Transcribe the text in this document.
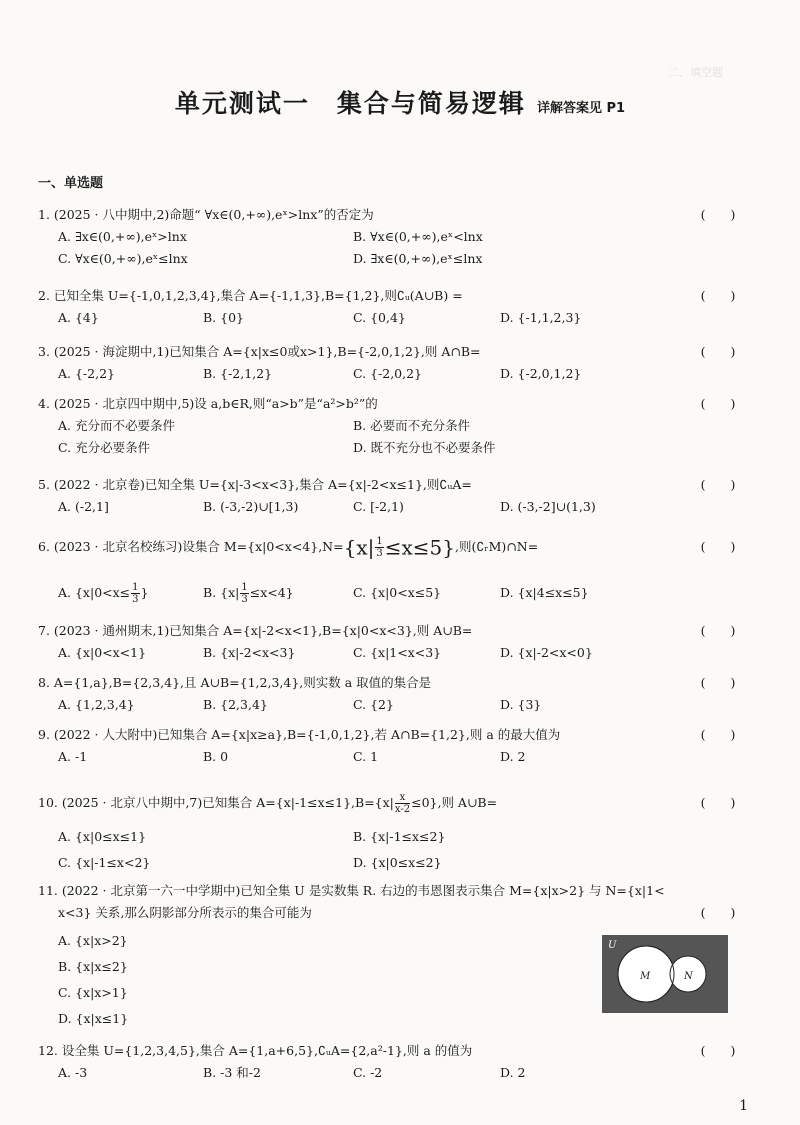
单元测试一　集合与简易逻辑 详解答案见 P1
二、填空题
一、单选题
1. (2025 · 八中期中,2)命题“ ∀x∈(0,+∞),eˣ>lnx”的否定为	(　　)
A. ∃x∈(0,+∞),eˣ>lnx	B. ∀x∈(0,+∞),eˣ<lnx
C. ∀x∈(0,+∞),eˣ≤lnx	D. ∃x∈(0,+∞),eˣ≤lnx
2. 已知全集 U={-1,0,1,2,3,4},集合 A={-1,1,3},B={1,2},则∁ᵤ(A∪B) =	(　　)
A. {4}	B. {0}	C. {0,4}	D. {-1,1,2,3}
3. (2025 · 海淀期中,1)已知集合 A={x|x≤0或x>1},B={-2,0,1,2},则 A∩B=	(　　)
A. {-2,2}	B. {-2,1,2}	C. {-2,0,2}	D. {-2,0,1,2}
4. (2025 · 北京四中期中,5)设 a,b∈R,则“a>b”是“a²>b²”的	(　　)
A. 充分而不必要条件	B. 必要而不充分条件
C. 充分必要条件	D. 既不充分也不必要条件
5. (2022 · 北京卷)已知全集 U={x|-3<x<3},集合 A={x|-2<x≤1},则∁ᵤA=	(　　)
A. (-2,1]	B. (-3,-2)∪[1,3)	C. [-2,1)	D. (-3,-2]∪(1,3)
6. (2023 · 北京名校练习)设集合 $M=\{x|0<x<4\},N=\{x| \frac{1}{3} \le x\le 5\}$,则(∁ᵣM)∩N=	(　　)
A. {$x|0<x\le \frac{1}{3}$ }	B. $\{x| \frac{1}{3} \le x<4\}$	C. {x|0<x≤5}	D. {x|4≤x≤5}
7. (2023 · 通州期末,1)已知集合 A={x|-2<x<1},B={x|0<x<3},则 A∪B=	(　　)
A. {x|0<x<1}	B. {x|-2<x<3}	C. {x|1<x<3}	D. {x|-2<x<0}
8. A={1,a},B={2,3,4},且 A∪B={1,2,3,4},则实数 a 取值的集合是	(　　)
A. {1,2,3,4}	B. {2,3,4}	C. {2}	D. {3}
9. (2022 · 人大附中)已知集合 A={x|x≥a},B={-1,0,1,2},若 A∩B={1,2},则 a 的最大值为	(　　)
A. -1	B. 0	C. 1	D. 2
10. (2025 · 北京八中期中,7)已知集合 $A=\{x|-1\le x\le 1\},B=\{x| \frac{x}{x-2} \le 0\}$,则 A∪B=	(　　)
A. {x|0≤x≤1}	B. {x|-1≤x≤2}
C. {x|-1≤x<2}	D. {x|0≤x≤2}
11. (2022 · 北京第一六一中学期中)已知全集 U 是实数集 R. 右边的韦恩图表示集合 M={x|x>2} 与 N={x|1<
x<3} 关系,那么阴影部分所表示的集合可能为	(　　)
A. {x|x>2}
B. {x|x≤2}
C. {x|x>1}
D. {x|x≤1}
U
M	N
12. 设全集 U={1,2,3,4,5},集合 A={1,a+6,5},∁ᵤA={2,a²-1},则 a 的值为	(　　)
A. -3	B. -3 和-2	C. -2	D. 2
1
